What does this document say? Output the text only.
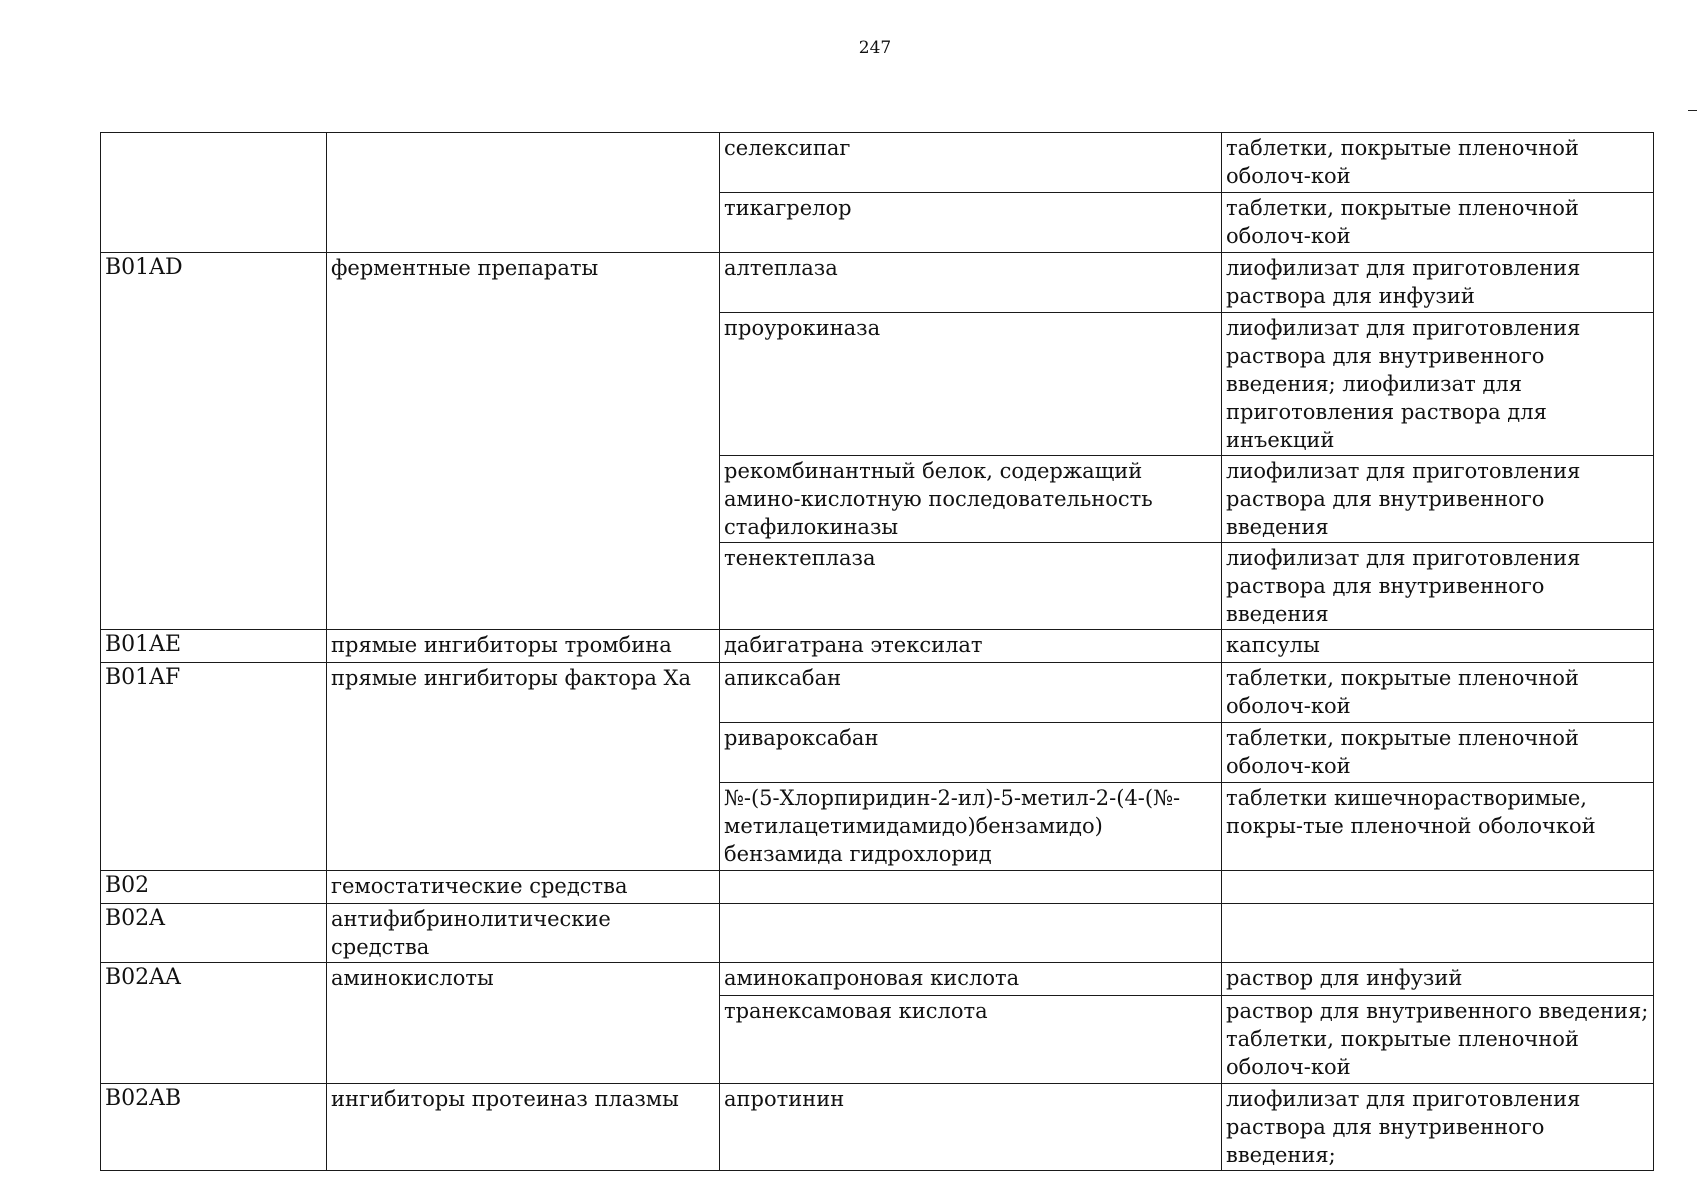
247
		селексипаг	таблетки, покрытые пленочной оболоч-кой
		тикагрелор	таблетки, покрытые пленочной оболоч-кой
B01AD	ферментные препараты	алтеплаза	лиофилизат для приготовления раствора для инфузий
		проурокиназа	лиофилизат для приготовления раствора для внутривенного введения; лиофилизат для приготовления раствора для инъекций
		рекомбинантный белок, содержащий амино-кислотную последовательность стафилокиназы	лиофилизат для приготовления раствора для внутривенного введения
		тенектеплаза	лиофилизат для приготовления раствора для внутривенного введения
B01AE	прямые ингибиторы тромбина	дабигатрана этексилат	капсулы
B01AF	прямые ингибиторы фактора Xa	апиксабан	таблетки, покрытые пленочной оболоч-кой
		ривароксабан	таблетки, покрытые пленочной оболоч-кой
		№-(5-Хлорпиридин-2-ил)-5-метил-2-(4-(№-метилацетимидамидо)бензамидо) бензамида гидрохлорид	таблетки кишечнорастворимые, покры-тые пленочной оболочкой
B02	гемостатические средства		
B02A	антифибринолитические средства		
B02AA	аминокислоты	аминокапроновая кислота	раствор для инфузий
		транексамовая кислота	раствор для внутривенного введения; таблетки, покрытые пленочной оболоч-кой
B02AB	ингибиторы протеиназ плазмы	апротинин	лиофилизат для приготовления раствора для внутривенного введения;
